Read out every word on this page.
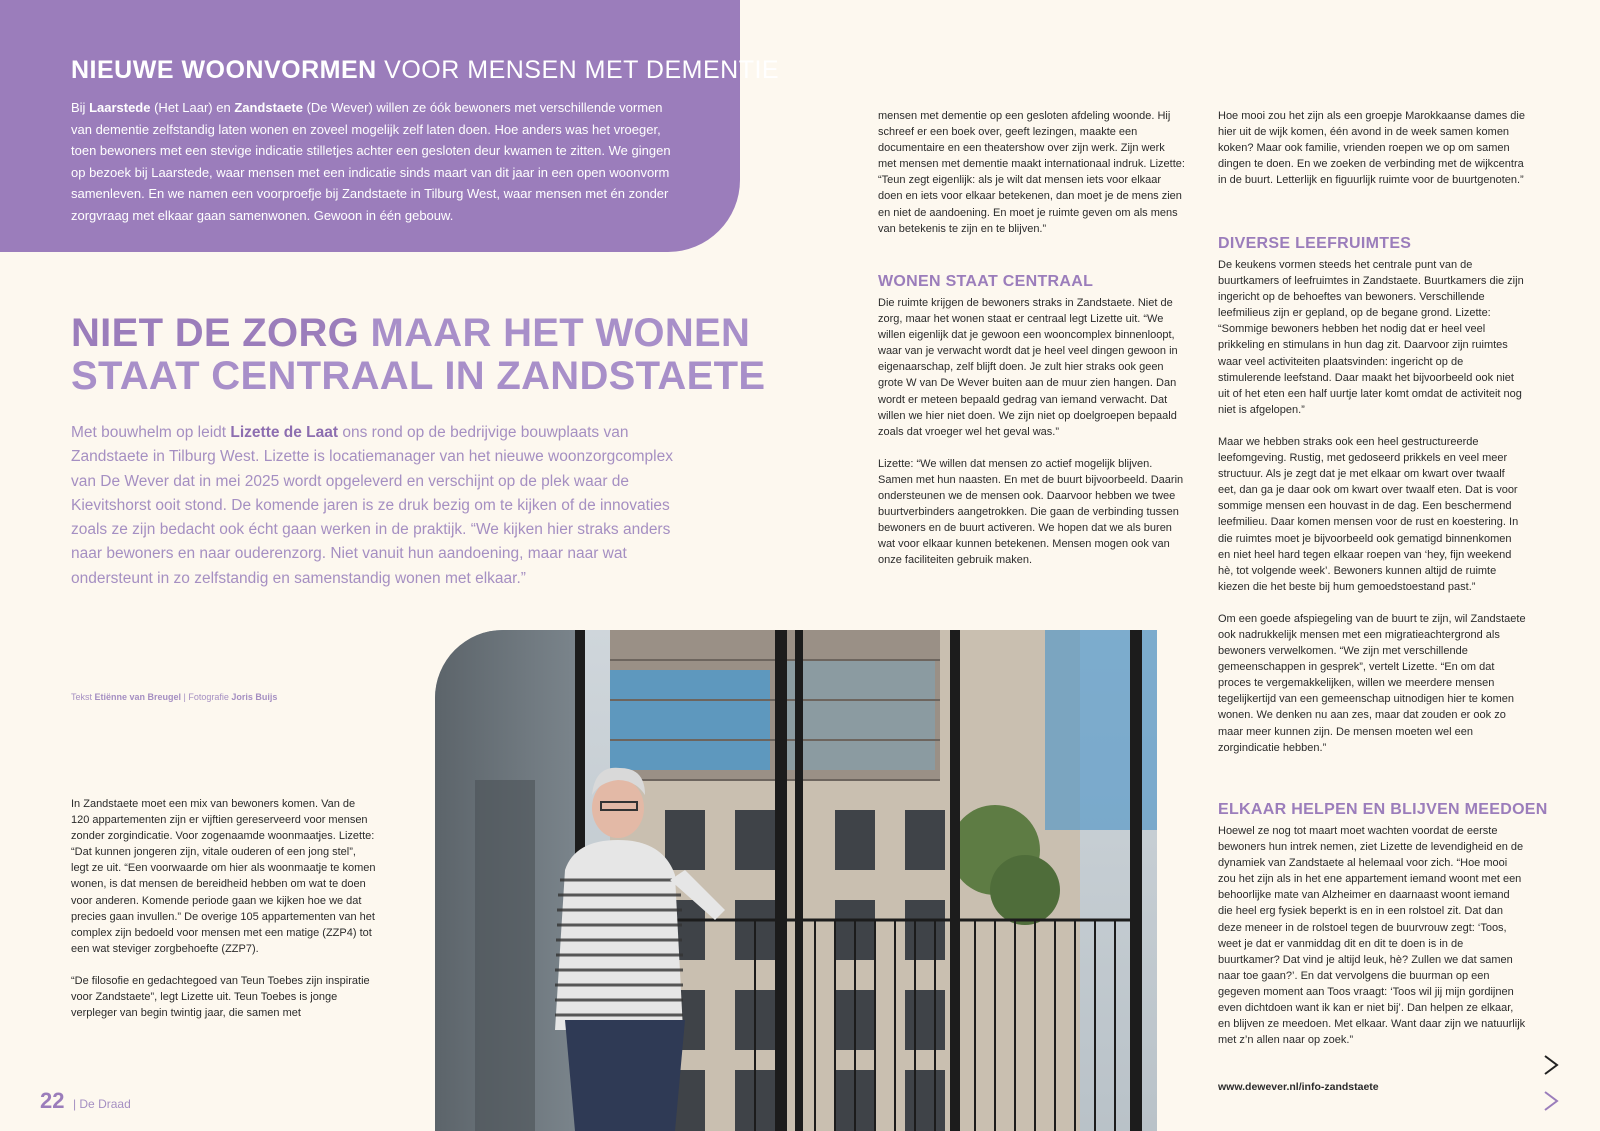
NIEUWE WOONVORMEN VOOR MENSEN MET DEMENTIE

Bij Laarstede (Het Laar) en Zandstaete (De Wever) willen ze óók bewoners met verschillende vormen van dementie zelfstandig laten wonen en zoveel mogelijk zelf laten doen. Hoe anders was het vroeger, toen bewoners met een stevige indicatie stilletjes achter een gesloten deur kwamen te zitten. We gingen op bezoek bij Laarstede, waar mensen met een indicatie sinds maart van dit jaar in een open woonvorm samenleven. En we namen een voorproefje bij Zandstaete in Tilburg West, waar mensen met én zonder zorgvraag met elkaar gaan samenwonen. Gewoon in één gebouw.

NIET DE ZORG MAAR HET WONEN
STAAT CENTRAAL IN ZANDSTAETE

Met bouwhelm op leidt Lizette de Laat ons rond op de bedrijvige bouwplaats van Zandstaete in Tilburg West. Lizette is locatiemanager van het nieuwe woonzorgcomplex van De Wever dat in mei 2025 wordt opgeleverd en verschijnt op de plek waar de Kievitshorst ooit stond. De komende jaren is ze druk bezig om te kijken of de innovaties zoals ze zijn bedacht ook écht gaan werken in de praktijk. “We kijken hier straks anders naar bewoners en naar ouderenzorg. Niet vanuit hun aandoening, maar naar wat ondersteunt in zo zelfstandig en samenstandig wonen met elkaar.”

Tekst Etiënne van Breugel | Fotografie Joris Buijs

In Zandstaete moet een mix van bewoners komen. Van de 120 appartementen zijn er vijftien gereserveerd voor mensen zonder zorgindicatie. Voor zogenaamde woonmaatjes. Lizette: “Dat kunnen jongeren zijn, vitale ouderen of een jong stel”, legt ze uit. “Een voorwaarde om hier als woonmaatje te komen wonen, is dat mensen de bereidheid hebben om wat te doen voor anderen. Komende periode gaan we kijken hoe we dat precies gaan invullen.” De overige 105 appartementen van het complex zijn bedoeld voor mensen met een matige (ZZP4) tot een wat steviger zorgbehoefte (ZZP7).

“De filosofie en gedachtegoed van Teun Toebes zijn inspiratie voor Zandstaete”, legt Lizette uit. Teun Toebes is jonge verpleger van begin twintig jaar, die samen met

mensen met dementie op een gesloten afdeling woonde. Hij schreef er een boek over, geeft lezingen, maakte een documentaire en een theatershow over zijn werk. Zijn werk met mensen met dementie maakt internationaal indruk. Lizette: “Teun zegt eigenlijk: als je wilt dat mensen iets voor elkaar doen en iets voor elkaar betekenen, dan moet je de mens zien en niet de aandoening. En moet je ruimte geven om als mens van betekenis te zijn en te blijven.”

WONEN STAAT CENTRAAL

Die ruimte krijgen de bewoners straks in Zandstaete. Niet de zorg, maar het wonen staat er centraal legt Lizette uit. “We willen eigenlijk dat je gewoon een wooncomplex binnenloopt, waar van je verwacht wordt dat je heel veel dingen gewoon in eigenaarschap, zelf blijft doen. Je zult hier straks ook geen grote W van De Wever buiten aan de muur zien hangen. Dan wordt er meteen bepaald gedrag van iemand verwacht. Dat willen we hier niet doen. We zijn niet op doelgroepen bepaald zoals dat vroeger wel het geval was.”

Lizette: “We willen dat mensen zo actief mogelijk blijven. Samen met hun naasten. En met de buurt bijvoorbeeld. Daarin ondersteunen we de mensen ook. Daarvoor hebben we twee buurtverbinders aangetrokken. Die gaan de verbinding tussen bewoners en de buurt activeren. We hopen dat we als buren wat voor elkaar kunnen betekenen. Mensen mogen ook van onze faciliteiten gebruik maken.

Hoe mooi zou het zijn als een groepje Marokkaanse dames die hier uit de wijk komen, één avond in de week samen komen koken? Maar ook familie, vrienden roepen we op om samen dingen te doen. En we zoeken de verbinding met de wijkcentra in de buurt. Letterlijk en figuurlijk ruimte voor de buurtgenoten.”

DIVERSE LEEFRUIMTES

De keukens vormen steeds het centrale punt van de buurtkamers of leefruimtes in Zandstaete. Buurtkamers die zijn ingericht op de behoeftes van bewoners. Verschillende leefmilieus zijn er gepland, op de begane grond. Lizette: “Sommige bewoners hebben het nodig dat er heel veel prikkeling en stimulans in hun dag zit. Daarvoor zijn ruimtes waar veel activiteiten plaatsvinden: ingericht op de stimulerende leefstand. Daar maakt het bijvoorbeeld ook niet uit of het eten een half uurtje later komt omdat de activiteit nog niet is afgelopen.”

Maar we hebben straks ook een heel gestructureerde leefomgeving. Rustig, met gedoseerd prikkels en veel meer structuur. Als je zegt dat je met elkaar om kwart over twaalf eet, dan ga je daar ook om kwart over twaalf eten. Dat is voor sommige mensen een houvast in de dag. Een beschermend leefmilieu. Daar komen mensen voor de rust en koestering. In die ruimtes moet je bijvoorbeeld ook gematigd binnenkomen en niet heel hard tegen elkaar roepen van ‘hey, fijn weekend hè, tot volgende week’. Bewoners kunnen altijd de ruimte kiezen die het beste bij hum gemoedstoestand past.”

Om een goede afspiegeling van de buurt te zijn, wil Zandstaete ook nadrukkelijk mensen met een migratieachtergrond als bewoners verwelkomen. “We zijn met verschillende gemeenschappen in gesprek”, vertelt Lizette. “En om dat proces te vergemakkelijken, willen we meerdere mensen tegelijkertijd van een gemeenschap uitnodigen hier te komen wonen. We denken nu aan zes, maar dat zouden er ook zo maar meer kunnen zijn. De mensen moeten wel een zorgindicatie hebben.”

ELKAAR HELPEN EN BLIJVEN MEEDOEN

Hoewel ze nog tot maart moet wachten voordat de eerste bewoners hun intrek nemen, ziet Lizette de levendigheid en de dynamiek van Zandstaete al helemaal voor zich. “Hoe mooi zou het zijn als in het ene appartement iemand woont met een behoorlijke mate van Alzheimer en daarnaast woont iemand die heel erg fysiek beperkt is en in een rolstoel zit. Dat dan deze meneer in de rolstoel tegen de buurvrouw zegt: ‘Toos, weet je dat er vanmiddag dit en dit te doen is in de buurtkamer? Dat vind je altijd leuk, hè? Zullen we dat samen naar toe gaan?’. En dat vervolgens die buurman op een gegeven moment aan Toos vraagt: ‘Toos wil jij mijn gordijnen even dichtdoen want ik kan er niet bij’. Dan helpen ze elkaar, en blijven ze meedoen. Met elkaar. Want daar zijn we natuurlijk met z’n allen naar op zoek.”

www.dewever.nl/info-zandstaete
22 | De Draad
